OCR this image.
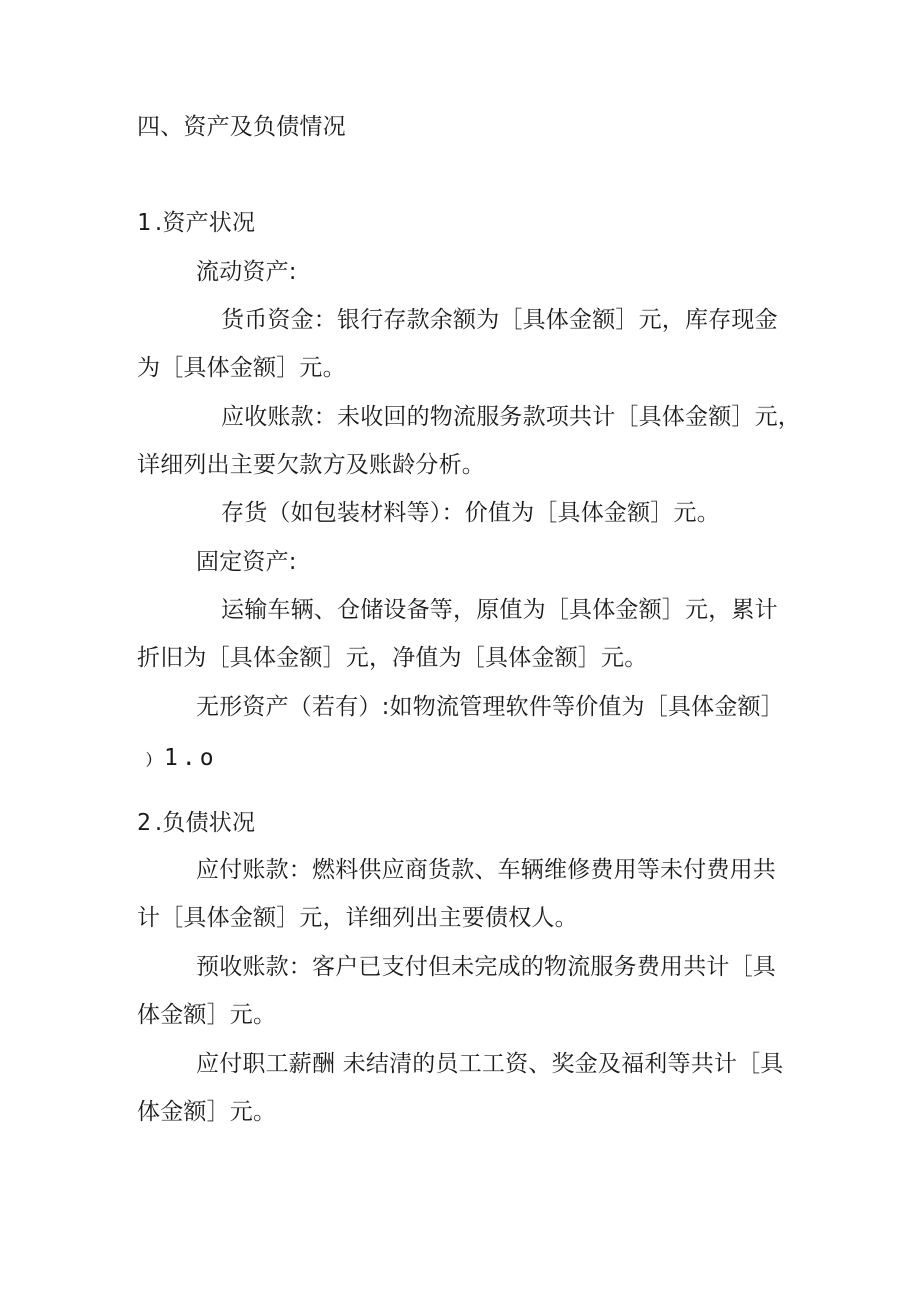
四、资产及负债情况
1.资产状况
流动资产:
货币资金：银行存款余额为［具体金额］元，库存现金
为［具体金额］元。
应收账款：未收回的物流服务款项共计［具体金额］元，
详细列出主要欠款方及账龄分析。
存货（如包装材料等）：价值为［具体金额］元。
固定资产:
运输车辆、仓储设备等，原值为［具体金额］元，累计
折旧为［具体金额］元，净值为［具体金额］元。
无形资产（若有）:如物流管理软件等价值为［具体金额］
﹚1.o
2.负债状况
应付账款：燃料供应商货款、车辆维修费用等未付费用共
计［具体金额］元，详细列出主要债权人。
预收账款：客户已支付但未完成的物流服务费用共计［具
体金额］元。
应付职工薪酬 未结清的员工工资、奖金及福利等共计［具
体金额］元。
